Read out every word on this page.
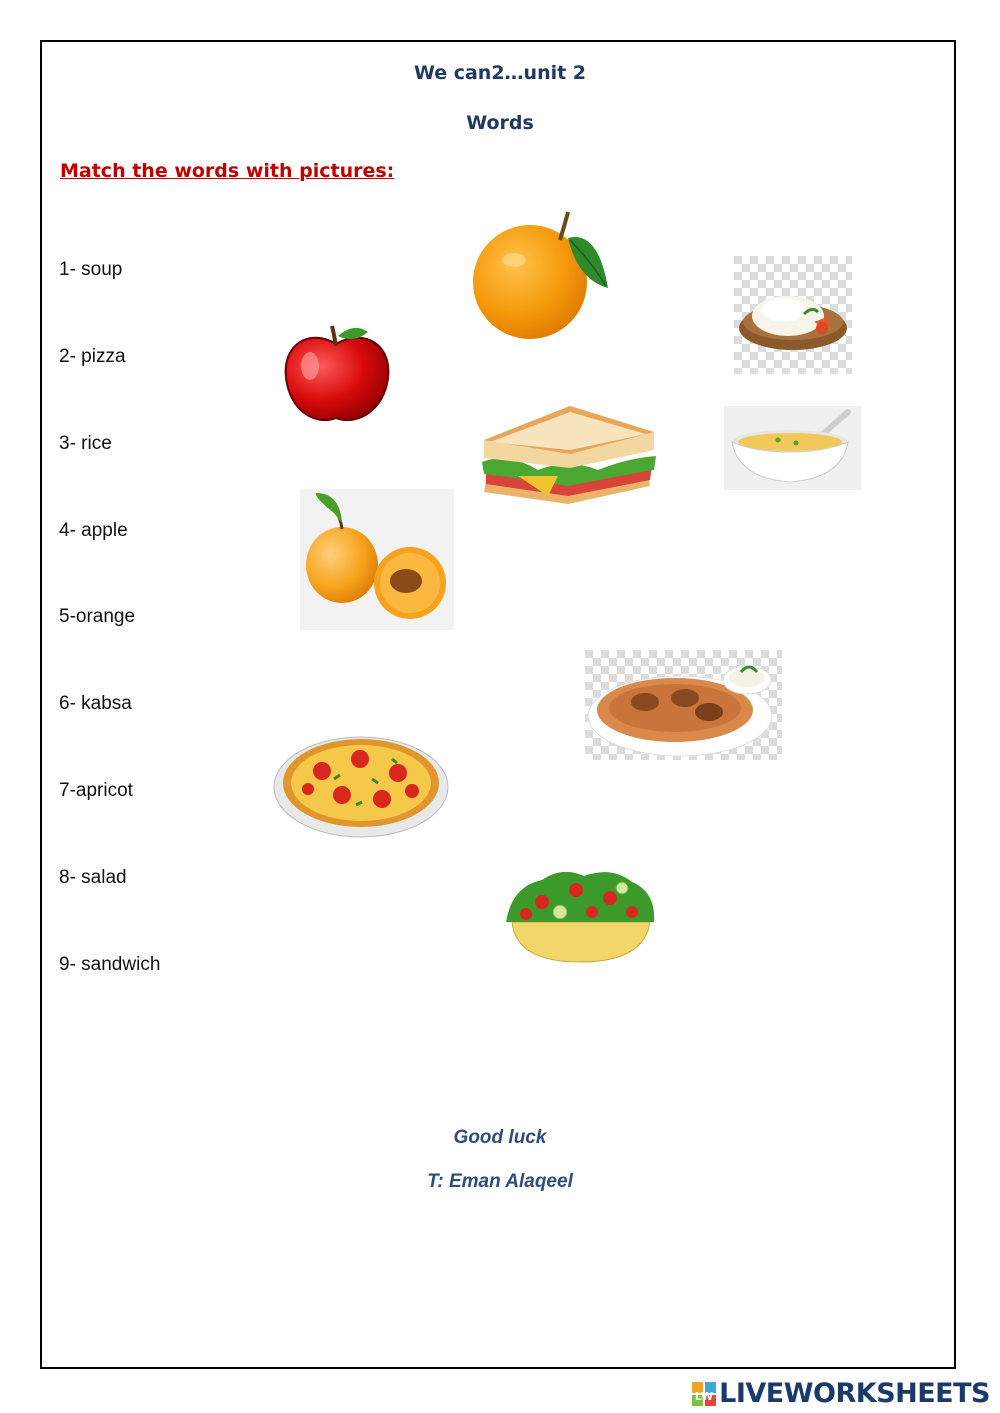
We can2…unit 2
Words
Match the words with pictures:
1- soup
2- pizza
3- rice
4- apple
5-orange
6- kabsa
7-apricot
8- salad
9- sandwich
Good luck
T: Eman Alaqeel
LW LIVEWORKSHEETS
